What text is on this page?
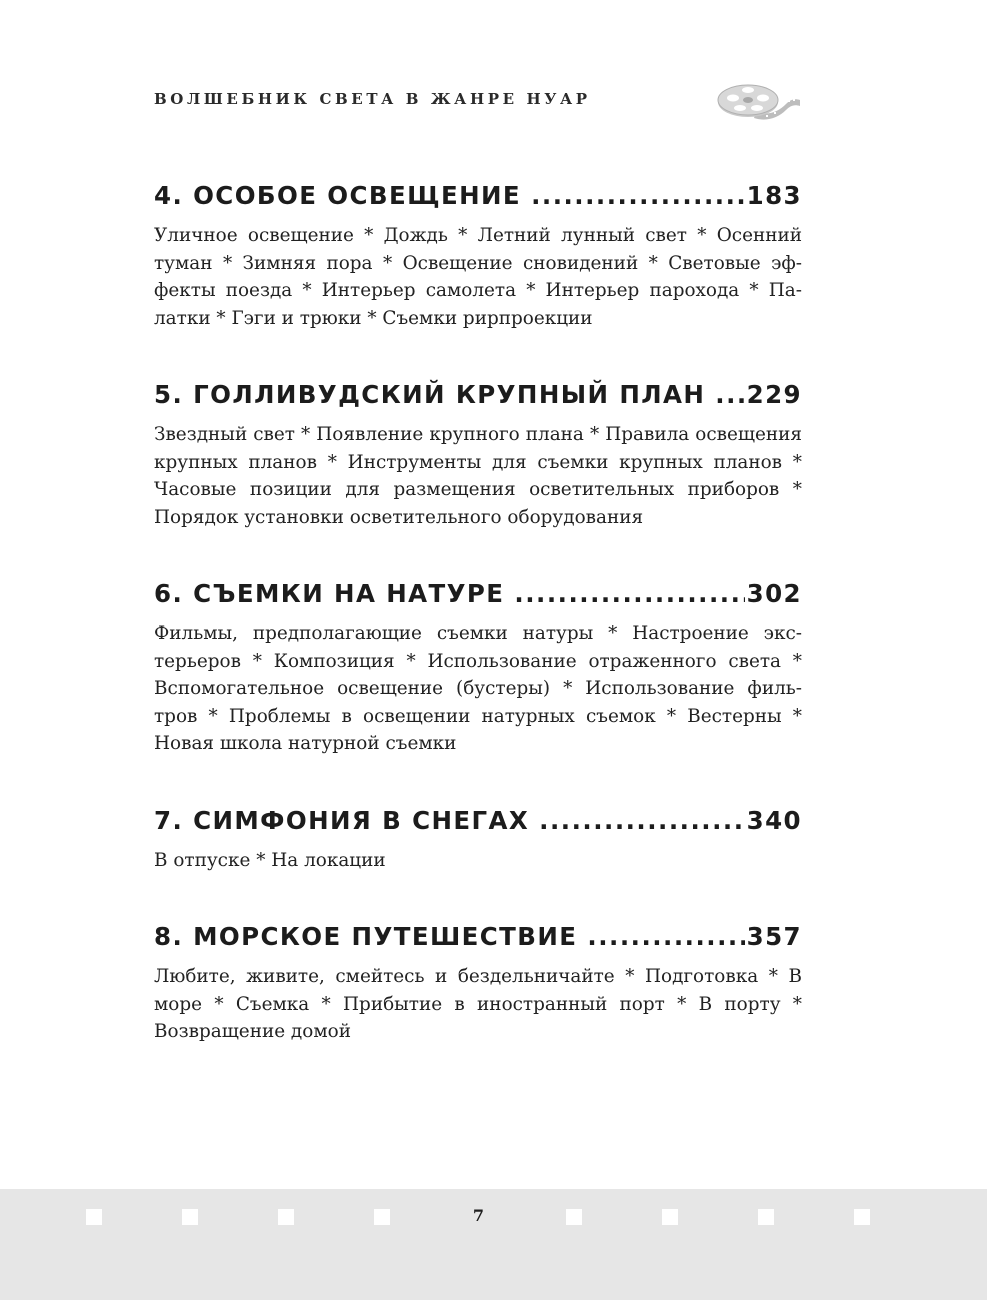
ВОЛШЕБНИК СВЕТА В ЖАНРЕ НУАР
4. ОСОБОЕ ОСВЕЩЕНИЕ .....	183
Уличное освещение * Дождь * Летний лунный свет * Осенний туман * Зимняя пора * Освещение сновидений * Световые эффекты поезда * Интерьер самолета * Интерьер парохода * Палатки * Гэги и трюки * Съемки рирпроекции
5. ГОЛЛИВУДСКИЙ КРУПНЫЙ ПЛАН ..... 229
Звездный свет * Появление крупного плана * Правила освещения крупных планов * Инструменты для съемки крупных планов * Часовые позиции для размещения осветительных приборов * Порядок установки осветительного оборудования
6. СЪЕМКИ НА НАТУРЕ .....	302
Фильмы, предполагающие съемки натуры * Настроение экстерьеров * Композиция * Использование отраженного света * Вспомогательное освещение (бустеры) * Использование фильтров * Проблемы в освещении натурных съемок * Вестерны * Новая школа натурной съемки
7. СИМФОНИЯ В СНЕГАХ .....	340
В отпуске * На локации
8. МОРСКОЕ ПУТЕШЕСТВИЕ .....	357
Любите, живите, смейтесь и бездельничайте * Подготовка * В море * Съемка * Прибытие в иностранный порт * В порту * Возвращение домой
7
